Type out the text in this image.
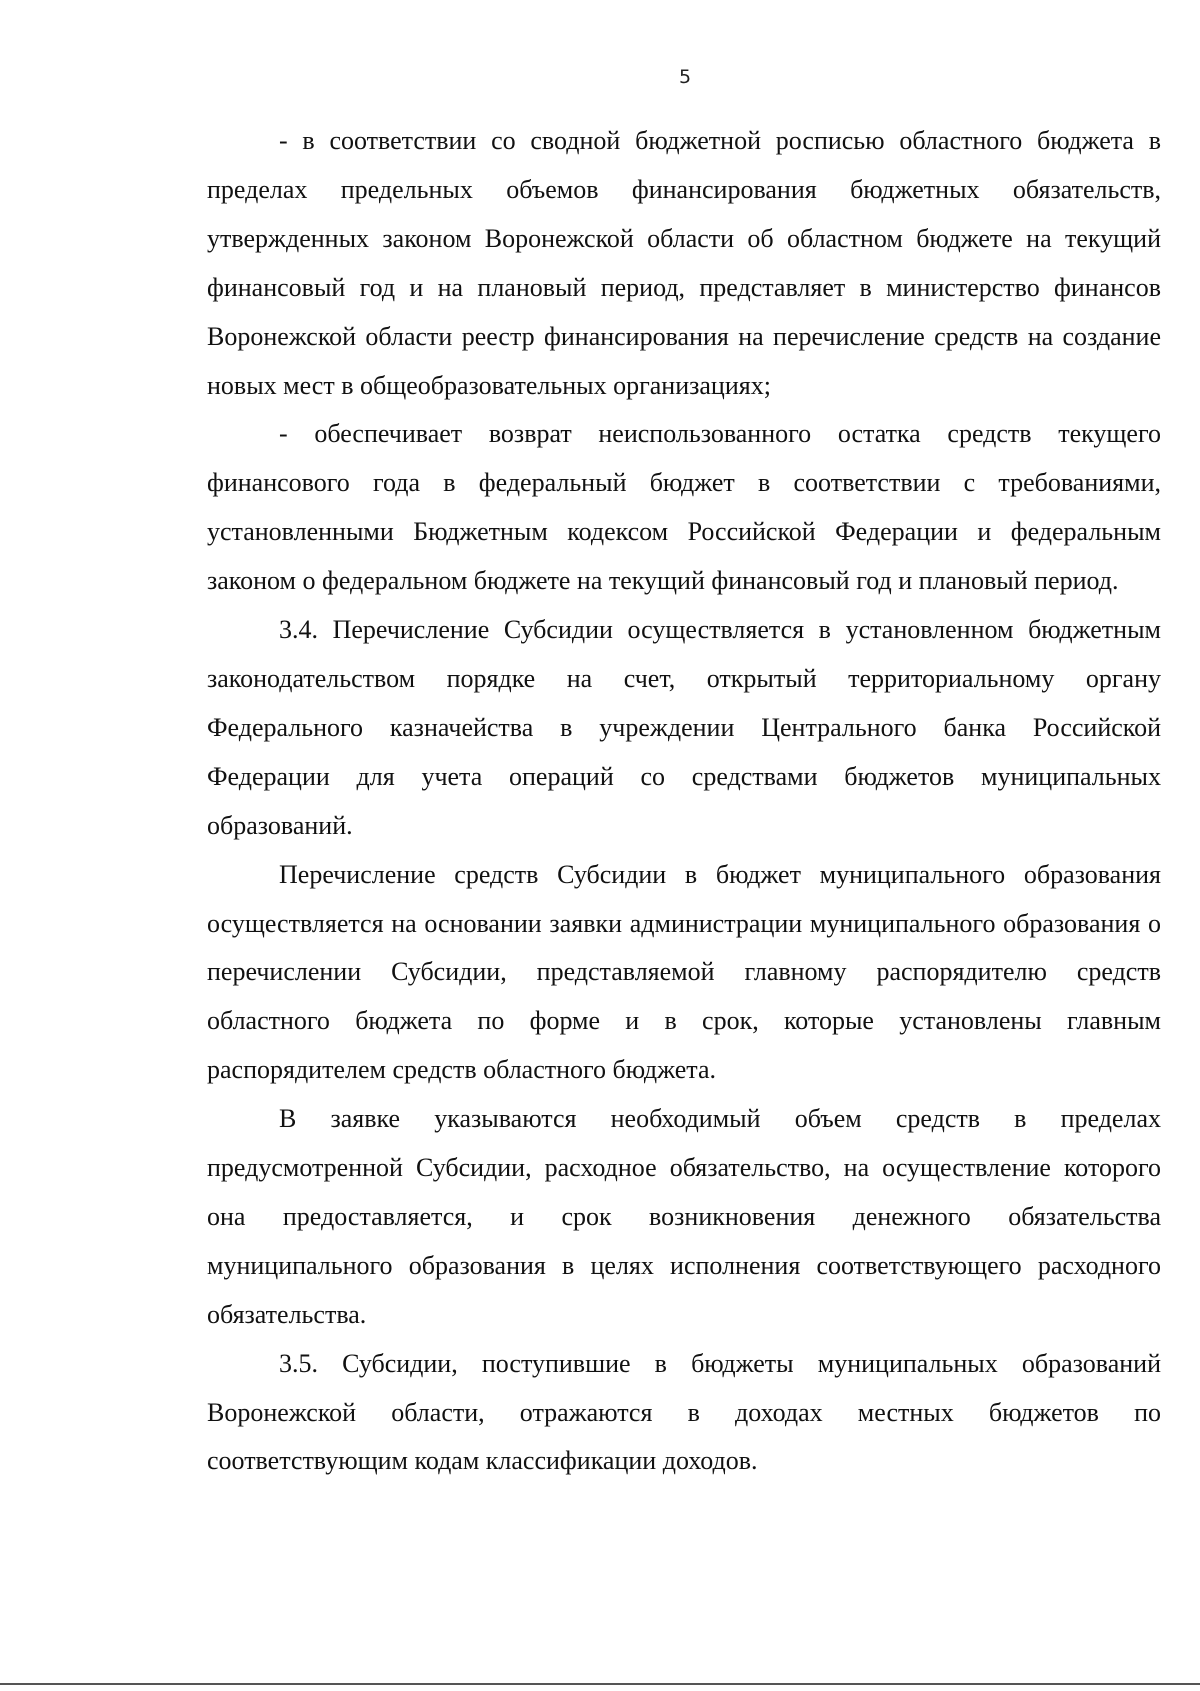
5

- в соответствии со сводной бюджетной росписью областного бюджета в пределах предельных объемов финансирования бюджетных обязательств, утвержденных законом Воронежской области об областном бюджете на текущий финансовый год и на плановый период, представляет в министерство финансов Воронежской области реестр финансирования на перечисление средств на создание новых мест в общеобразовательных организациях;

- обеспечивает возврат неиспользованного остатка средств текущего финансового года в федеральный бюджет в соответствии с требованиями, установленными Бюджетным кодексом Российской Федерации и федеральным законом о федеральном бюджете на текущий финансовый год и плановый период.

3.4. Перечисление Субсидии осуществляется в установленном бюджетным законодательством порядке на счет, открытый территориальному органу Федерального казначейства в учреждении Центрального банка Российской Федерации для учета операций со средствами бюджетов муниципальных образований.

Перечисление средств Субсидии в бюджет муниципального образования осуществляется на основании заявки администрации муниципального образования о перечислении Субсидии, представляемой главному распорядителю средств областного бюджета по форме и в срок, которые установлены главным распорядителем средств областного бюджета.

В заявке указываются необходимый объем средств в пределах предусмотренной Субсидии, расходное обязательство, на осуществление которого она предоставляется, и срок возникновения денежного обязательства муниципального образования в целях исполнения соответствующего расходного обязательства.

3.5. Субсидии, поступившие в бюджеты муниципальных образований Воронежской области, отражаются в доходах местных бюджетов по соответствующим кодам классификации доходов.
